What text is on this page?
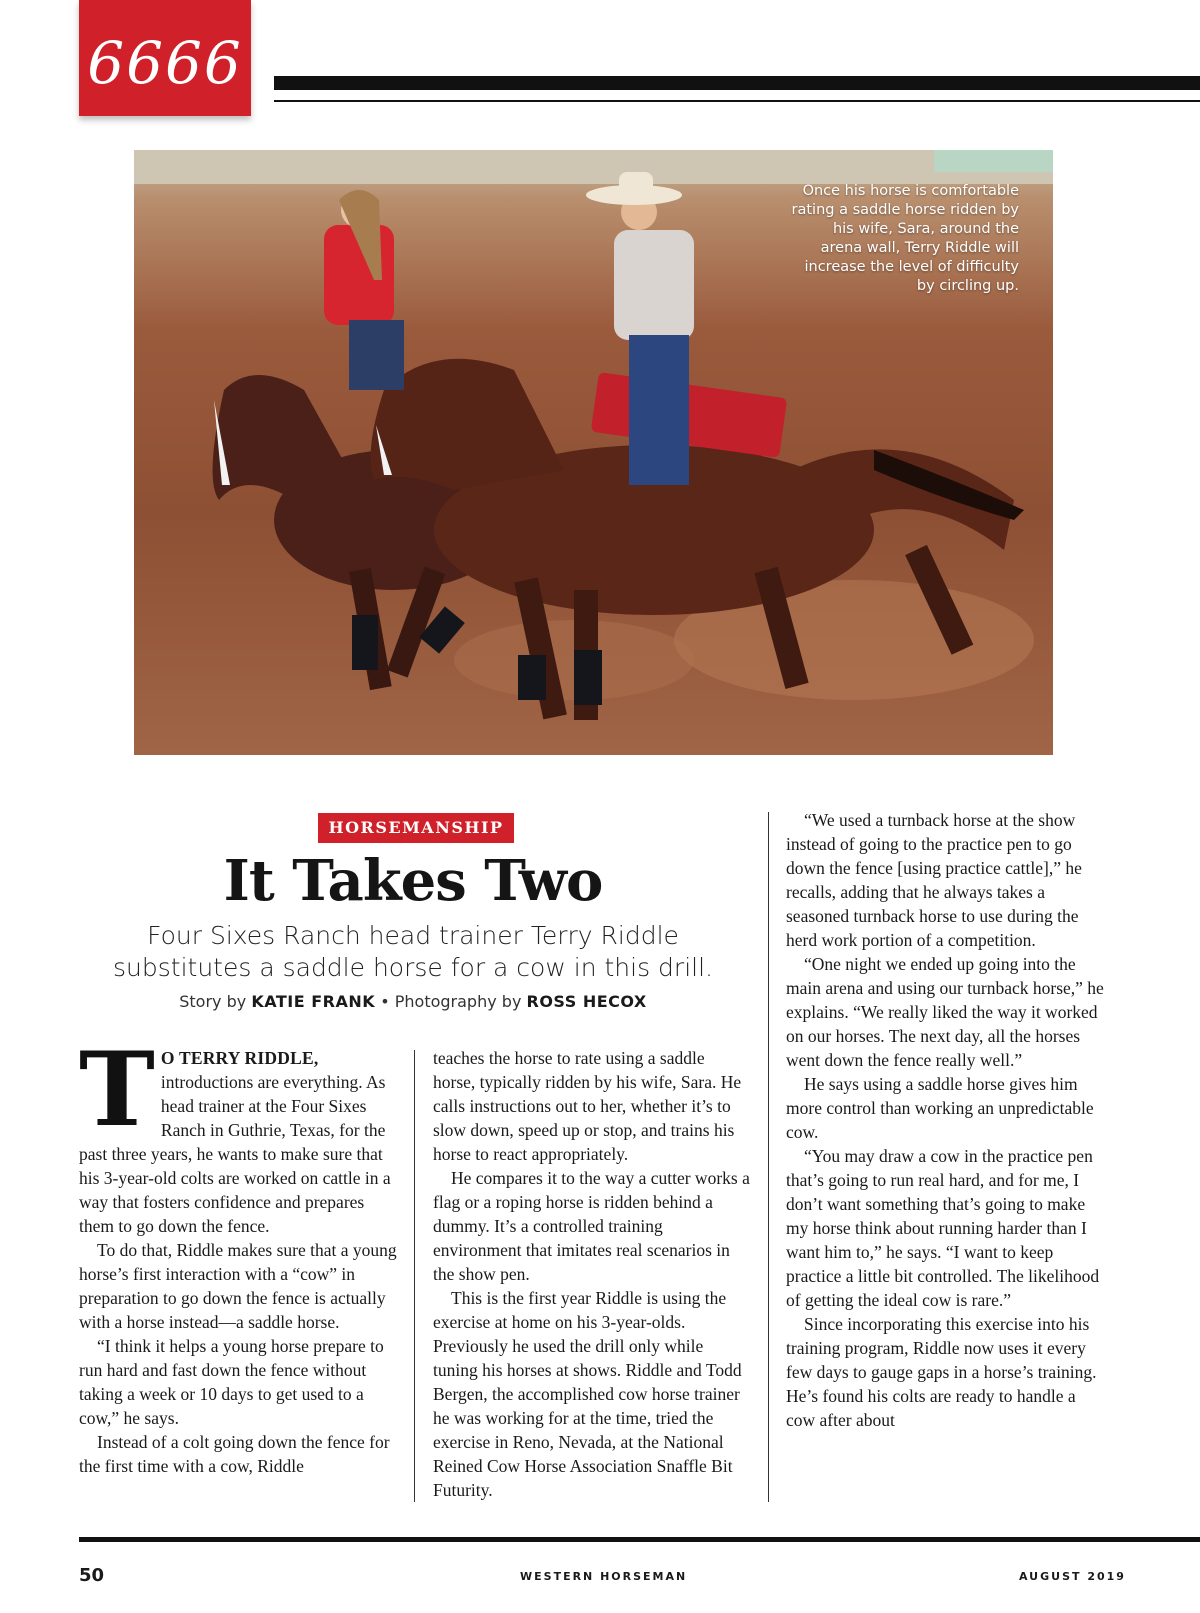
6666
Once his horse is comfortable rating a saddle horse ridden by his wife, Sara, around the arena wall, Terry Riddle will increase the level of difficulty by circling up.
HORSEMANSHIP
It Takes Two
Four Sixes Ranch head trainer Terry Riddle substitutes a saddle horse for a cow in this drill.
Story by KATIE FRANK • Photography by ROSS HECOX

T O TERRY RIDDLE, introductions are everything. As head trainer at the Four Sixes Ranch in Guthrie, Texas, for the past three years, he wants to make sure that his 3-year-old colts are worked on cattle in a way that fosters confidence and prepares them to go down the fence.

To do that, Riddle makes sure that a young horse’s first interaction with a “cow” in preparation to go down the fence is actually with a horse instead—a saddle horse.

“I think it helps a young horse prepare to run hard and fast down the fence without taking a week or 10 days to get used to a cow,” he says.

Instead of a colt going down the fence for the first time with a cow, Riddle

teaches the horse to rate using a saddle horse, typically ridden by his wife, Sara. He calls instructions out to her, whether it’s to slow down, speed up or stop, and trains his horse to react appropriately.

He compares it to the way a cutter works a flag or a roping horse is ridden behind a dummy. It’s a controlled training environment that imitates real scenarios in the show pen.

This is the first year Riddle is using the exercise at home on his 3-year-olds. Previously he used the drill only while tuning his horses at shows. Riddle and Todd Bergen, the accomplished cow horse trainer he was working for at the time, tried the exercise in Reno, Nevada, at the National Reined Cow Horse Association Snaffle Bit Futurity.

“We used a turnback horse at the show instead of going to the practice pen to go down the fence [using practice cattle],” he recalls, adding that he always takes a seasoned turnback horse to use during the herd work portion of a competition.

“One night we ended up going into the main arena and using our turnback horse,” he explains. “We really liked the way it worked on our horses. The next day, all the horses went down the fence really well.”

He says using a saddle horse gives him more control than working an unpredictable cow.

“You may draw a cow in the practice pen that’s going to run real hard, and for me, I don’t want something that’s going to make my horse think about running harder than I want him to,” he says. “I want to keep practice a little bit controlled. The likelihood of getting the ideal cow is rare.”

Since incorporating this exercise into his training program, Riddle now uses it every few days to gauge gaps in a horse’s training. He’s found his colts are ready to handle a cow after about

50	WESTERN HORSEMAN	AUGUST 2019
